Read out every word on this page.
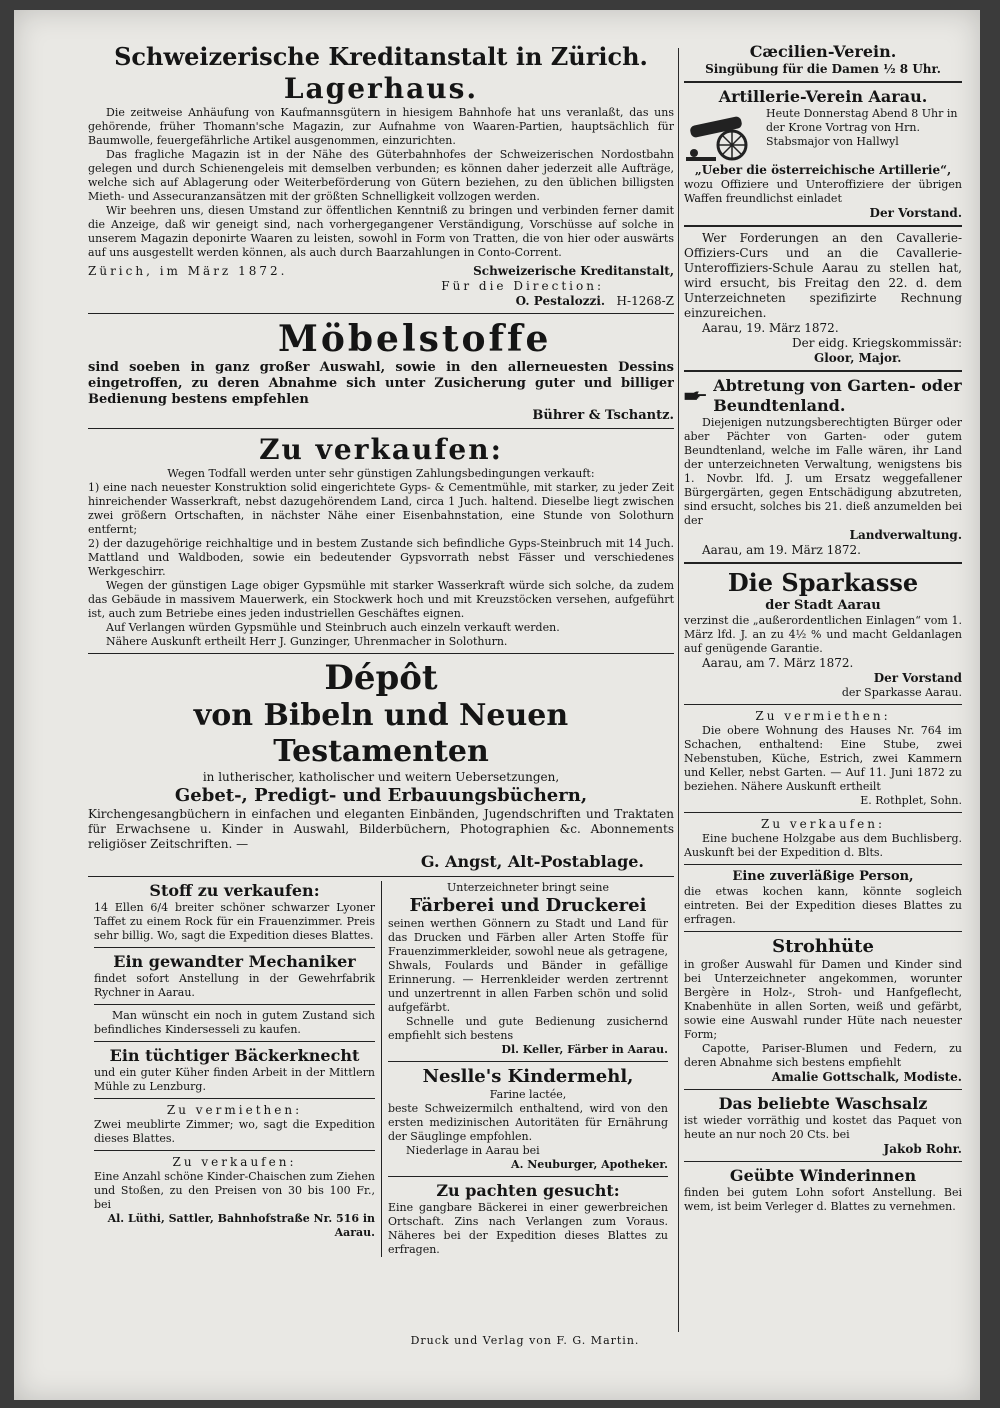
Schweizerische Kreditanstalt in Zürich.
Lagerhaus.

Die zeitweise Anhäufung von Kaufmannsgütern in hiesigem Bahnhofe hat uns veranlaßt, das uns gehörende, früher Thomann'sche Magazin, zur Aufnahme von Waaren-Partien, hauptsächlich für Baumwolle, feuergefährliche Artikel ausgenommen, einzurichten.

Das fragliche Magazin ist in der Nähe des Güterbahnhofes der Schweizerischen Nordostbahn gelegen und durch Schienengeleis mit demselben verbunden; es können daher jederzeit alle Aufträge, welche sich auf Ablagerung oder Weiterbeförderung von Gütern beziehen, zu den üblichen billigsten Mieth- und Assecuranzansätzen mit der größten Schnelligkeit vollzogen werden.

Wir beehren uns, diesen Umstand zur öffentlichen Kenntniß zu bringen und verbinden ferner damit die Anzeige, daß wir geneigt sind, nach vorhergegangener Verständigung, Vorschüsse auf solche in unserem Magazin deponirte Waaren zu leisten, sowohl in Form von Tratten, die von hier oder auswärts auf uns ausgestellt werden können, als auch durch Baarzahlungen in Conto-Corrent.

Zürich, im März 1872.	Schweizerische Kreditanstalt,
Für die Direction:
O. Pestalozzi. H-1268-Z
Möbelstoffe

sind soeben in ganz großer Auswahl, sowie in den allerneuesten Dessins eingetroffen, zu deren Abnahme sich unter Zusicherung guter und billiger Bedienung bestens empfehlen

Bührer & Tschantz.
Zu verkaufen:

Wegen Todfall werden unter sehr günstigen Zahlungsbedingungen verkauft:

1) eine nach neuester Konstruktion solid eingerichtete Gyps- & Cementmühle, mit starker, zu jeder Zeit hinreichender Wasserkraft, nebst dazugehörendem Land, circa 1 Juch. haltend. Dieselbe liegt zwischen zwei größern Ortschaften, in nächster Nähe einer Eisenbahnstation, eine Stunde von Solothurn entfernt;

2) der dazugehörige reichhaltige und in bestem Zustande sich befindliche Gyps-Steinbruch mit 14 Juch. Mattland und Waldboden, sowie ein bedeutender Gypsvorrath nebst Fässer und verschiedenes Werkgeschirr.

Wegen der günstigen Lage obiger Gypsmühle mit starker Wasserkraft würde sich solche, da zudem das Gebäude in massivem Mauerwerk, ein Stockwerk hoch und mit Kreuzstöcken versehen, aufgeführt ist, auch zum Betriebe eines jeden industriellen Geschäftes eignen.

Auf Verlangen würden Gypsmühle und Steinbruch auch einzeln verkauft werden.

Nähere Auskunft ertheilt Herr J. Gunzinger, Uhrenmacher in Solothurn.

Dépôt
von Bibeln und Neuen Testamenten

in lutherischer, katholischer und weitern Uebersetzungen,

Gebet-, Predigt- und Erbauungsbüchern,

Kirchengesangbüchern in einfachen und eleganten Einbänden, Jugendschriften und Traktaten für Erwachsene u. Kinder in Auswahl, Bilderbüchern, Photographien &c. Abonnements religiöser Zeitschriften. —

G. Angst, Alt-Postablage.
Stoff zu verkaufen:

14 Ellen 6/4 breiter schöner schwarzer Lyoner Taffet zu einem Rock für ein Frauenzimmer. Preis sehr billig. Wo, sagt die Expedition dieses Blattes.

Ein gewandter Mechaniker

findet sofort Anstellung in der Gewehrfabrik Rychner in Aarau.

Man wünscht ein noch in gutem Zustand sich befindliches Kindersesseli zu kaufen.

Ein tüchtiger Bäckerknecht

und ein guter Küher finden Arbeit in der Mittlern Mühle zu Lenzburg.

Zu vermiethen:

Zwei meublirte Zimmer; wo, sagt die Expedition dieses Blattes.

Zu verkaufen:

Eine Anzahl schöne Kinder-Chaischen zum Ziehen und Stoßen, zu den Preisen von 30 bis 100 Fr., bei

Al. Lüthi, Sattler, Bahnhofstraße Nr. 516 in Aarau.

Unterzeichneter bringt seine

Färberei und Druckerei

seinen werthen Gönnern zu Stadt und Land für das Drucken und Färben aller Arten Stoffe für Frauenzimmerkleider, sowohl neue als getragene, Shwals, Foulards und Bänder in gefällige Erinnerung. — Herrenkleider werden zertrennt und unzertrennt in allen Farben schön und solid aufgefärbt.

Schnelle und gute Bedienung zusichernd empfiehlt sich bestens

Dl. Keller, Färber in Aarau.

Neslle's Kindermehl,

Farine lactée,

beste Schweizermilch enthaltend, wird von den ersten medizinischen Autoritäten für Ernährung der Säuglinge empfohlen.

Niederlage in Aarau bei

A. Neuburger, Apotheker.

Zu pachten gesucht:

Eine gangbare Bäckerei in einer gewerbreichen Ortschaft. Zins nach Verlangen zum Voraus. Näheres bei der Expedition dieses Blattes zu erfragen.

Cæcilien-Verein.

Singübung für die Damen ½ 8 Uhr.

Artillerie-Verein Aarau.

Heute Donnerstag Abend 8 Uhr in der Krone Vortrag von Hrn. Stabsmajor von Hallwyl

„Ueber die österreichische Artillerie“,

wozu Offiziere und Unteroffiziere der übrigen Waffen freundlichst einladet

Der Vorstand.

Wer Forderungen an den Cavallerie-Offiziers-Curs und an die Cavallerie-Unteroffiziers-Schule Aarau zu stellen hat, wird ersucht, bis Freitag den 22. d. dem Unterzeichneten spezifizirte Rechnung einzureichen.

Aarau, 19. März 1872.

Der eidg. Kriegskommissär:

Gloor, Major.

Abtretung von Garten- oder Beundtenland.

Diejenigen nutzungsberechtigten Bürger oder aber Pächter von Garten- oder gutem Beundtenland, welche im Falle wären, ihr Land der unterzeichneten Verwaltung, wenigstens bis 1. Novbr. lfd. J. um Ersatz weggefallener Bürgergärten, gegen Entschädigung abzutreten, sind ersucht, solches bis 21. dieß anzumelden bei der

Landverwaltung.

Aarau, am 19. März 1872.

Die Sparkasse
der Stadt Aarau

verzinst die „außerordentlichen Einlagen“ vom 1. März lfd. J. an zu 4½ % und macht Geldanlagen auf genügende Garantie.

Aarau, am 7. März 1872.

Der Vorstand

der Sparkasse Aarau.

Zu vermiethen:

Die obere Wohnung des Hauses Nr. 764 im Schachen, enthaltend: Eine Stube, zwei Nebenstuben, Küche, Estrich, zwei Kammern und Keller, nebst Garten. — Auf 11. Juni 1872 zu beziehen. Nähere Auskunft ertheilt

E. Rothplet, Sohn.

Zu verkaufen:

Eine buchene Holzgabe aus dem Buchlisberg. Auskunft bei der Expedition d. Blts.

Eine zuverläßige Person,

die etwas kochen kann, könnte sogleich eintreten. Bei der Expedition dieses Blattes zu erfragen.

Strohhüte

in großer Auswahl für Damen und Kinder sind bei Unterzeichneter angekommen, worunter Bergère in Holz-, Stroh- und Hanfgeflecht, Knabenhüte in allen Sorten, weiß und gefärbt, sowie eine Auswahl runder Hüte nach neuester Form;

Capotte, Pariser-Blumen und Federn, zu deren Abnahme sich bestens empfiehlt

Amalie Gottschalk, Modiste.

Das beliebte Waschsalz

ist wieder vorräthig und kostet das Paquet von heute an nur noch 20 Cts. bei

Jakob Rohr.

Geübte Winderinnen

finden bei gutem Lohn sofort Anstellung. Bei wem, ist beim Verleger d. Blattes zu vernehmen.

Druck und Verlag von F. G. Martin.
